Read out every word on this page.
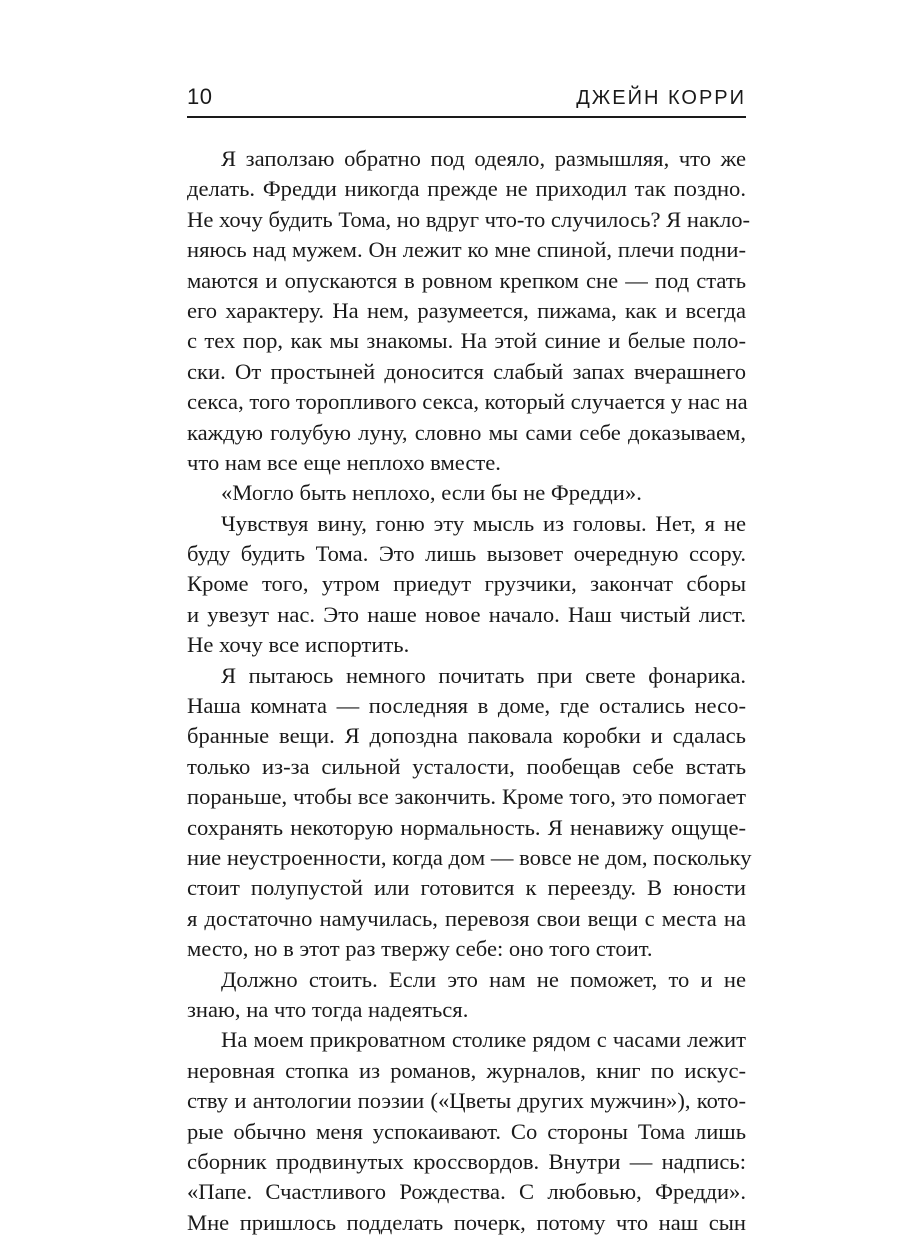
10	ДЖЕЙН КОРРИ
Я заползаю обратно под одеяло, размышляя, что же
делать. Фредди никогда прежде не приходил так поздно.
Не хочу будить Тома, но вдруг что-то случилось? Я накло-
няюсь над мужем. Он лежит ко мне спиной, плечи подни-
маются и опускаются в ровном крепком сне — под стать
его характеру. На нем, разумеется, пижама, как и всегда
с тех пор, как мы знакомы. На этой синие и белые поло-
ски. От простыней доносится слабый запах вчерашнего
секса, того торопливого секса, который случается у нас на
каждую голубую луну, словно мы сами себе доказываем,
что нам все еще неплохо вместе.
«Могло быть неплохо, если бы не Фредди».
Чувствуя вину, гоню эту мысль из головы. Нет, я не
буду будить Тома. Это лишь вызовет очередную ссору.
Кроме того, утром приедут грузчики, закончат сборы
и увезут нас. Это наше новое начало. Наш чистый лист.
Не хочу все испортить.
Я пытаюсь немного почитать при свете фонарика.
Наша комната — последняя в доме, где остались несо-
бранные вещи. Я допоздна паковала коробки и сдалась
только из-за сильной усталости, пообещав себе встать
пораньше, чтобы все закончить. Кроме того, это помогает
сохранять некоторую нормальность. Я ненавижу ощуще-
ние неустроенности, когда дом — вовсе не дом, поскольку
стоит полупустой или готовится к переезду. В юности
я достаточно намучилась, перевозя свои вещи с места на
место, но в этот раз твержу себе: оно того стоит.
Должно стоить. Если это нам не поможет, то и не
знаю, на что тогда надеяться.
На моем прикроватном столике рядом с часами лежит
неровная стопка из романов, журналов, книг по искус-
ству и антологии поэзии («Цветы других мужчин»), кото-
рые обычно меня успокаивают. Со стороны Тома лишь
сборник продвинутых кроссвордов. Внутри — надпись:
«Папе. Счастливого Рождества. С любовью, Фредди».
Мне пришлось подделать почерк, потому что наш сын
